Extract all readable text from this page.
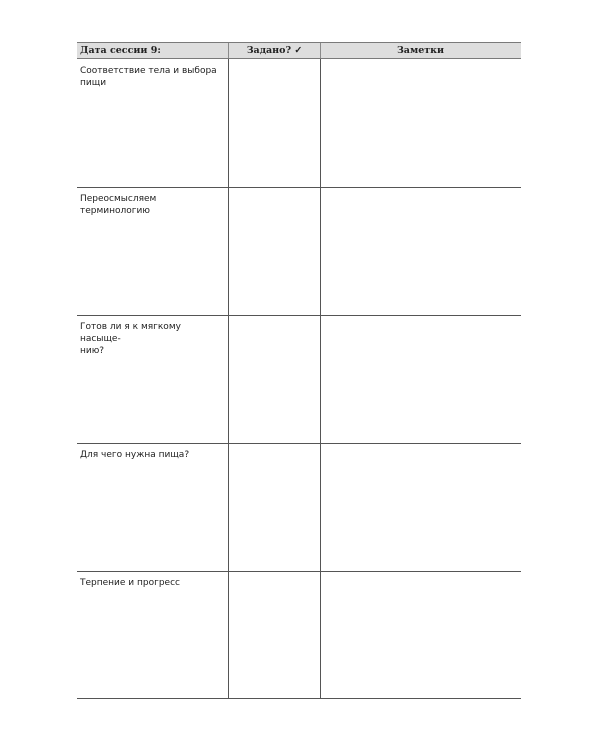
Дата сессии 9:	Задано? ✓	Заметки
Соответствие тела и выбора
пищи
Переосмысляем терминологию
Готов ли я к мягкому насыще-
нию?
Для чего нужна пища?
Терпение и прогресс
